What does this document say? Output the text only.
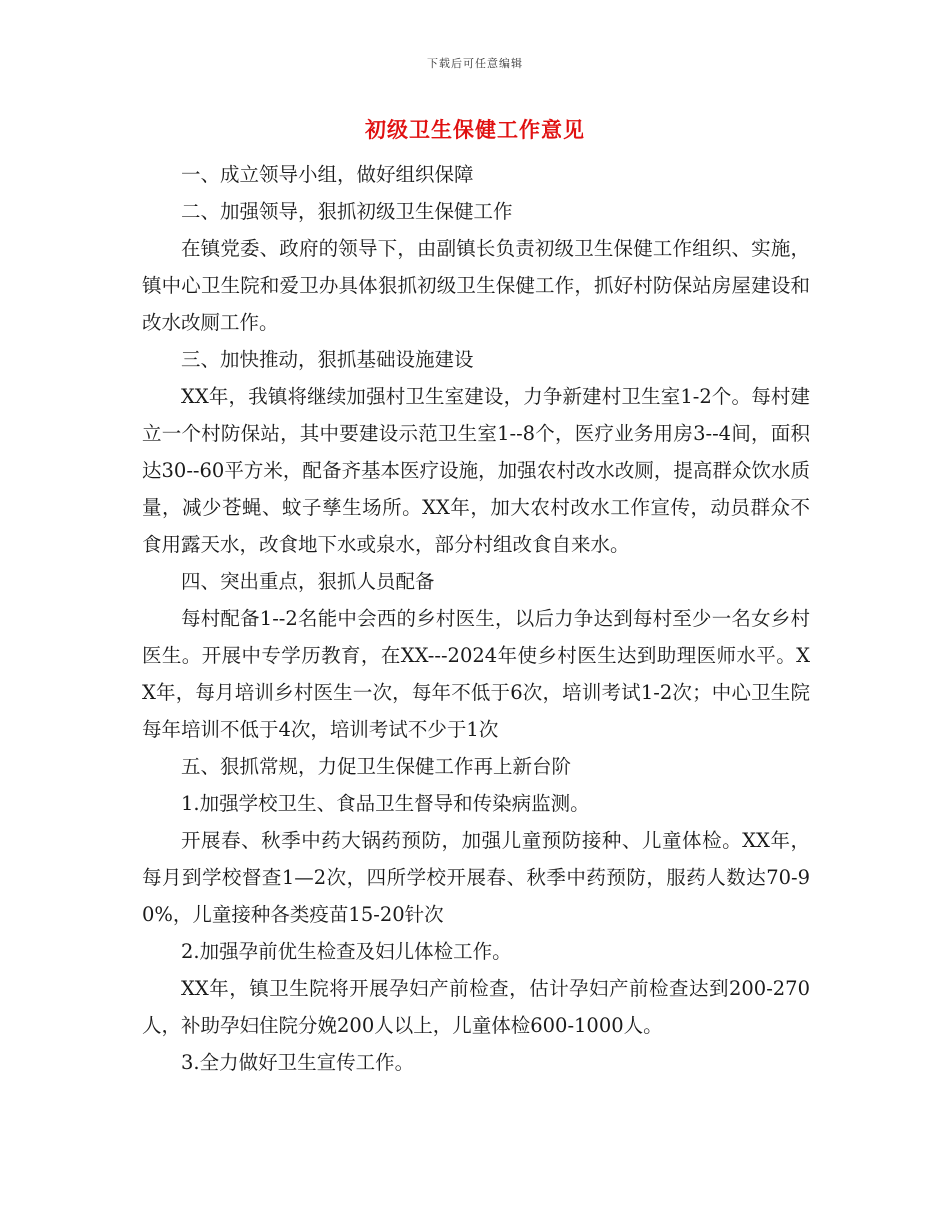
下载后可任意编辑
初级卫生保健工作意见

一、成立领导小组，做好组织保障

二、加强领导，狠抓初级卫生保健工作

在镇党委、政府的领导下，由副镇长负责初级卫生保健工作组织、实施，镇中心卫生院和爱卫办具体狠抓初级卫生保健工作，抓好村防保站房屋建设和改水改厕工作。

三、加快推动，狠抓基础设施建设

XX年，我镇将继续加强村卫生室建设，力争新建村卫生室1-2个。每村建立一个村防保站，其中要建设示范卫生室1--8个，医疗业务用房3--4间，面积达30--60平方米，配备齐基本医疗设施，加强农村改水改厕，提高群众饮水质量，减少苍蝇、蚊子孳生场所。XX年，加大农村改水工作宣传，动员群众不食用露天水，改食地下水或泉水，部分村组改食自来水。

四、突出重点，狠抓人员配备

每村配备1--2名能中会西的乡村医生，以后力争达到每村至少一名女乡村医生。开展中专学历教育，在XX---2024年使乡村医生达到助理医师水平。XX年，每月培训乡村医生一次，每年不低于6次，培训考试1-2次；中心卫生院每年培训不低于4次，培训考试不少于1次

五、狠抓常规，力促卫生保健工作再上新台阶

1.加强学校卫生、食品卫生督导和传染病监测。

开展春、秋季中药大锅药预防，加强儿童预防接种、儿童体检。XX年，每月到学校督查1—2次，四所学校开展春、秋季中药预防，服药人数达70-90%，儿童接种各类疫苗15-20针次

2.加强孕前优生检查及妇儿体检工作。

XX年，镇卫生院将开展孕妇产前检查，估计孕妇产前检查达到200-270人，补助孕妇住院分娩200人以上，儿童体检600-1000人。

3.全力做好卫生宣传工作。
